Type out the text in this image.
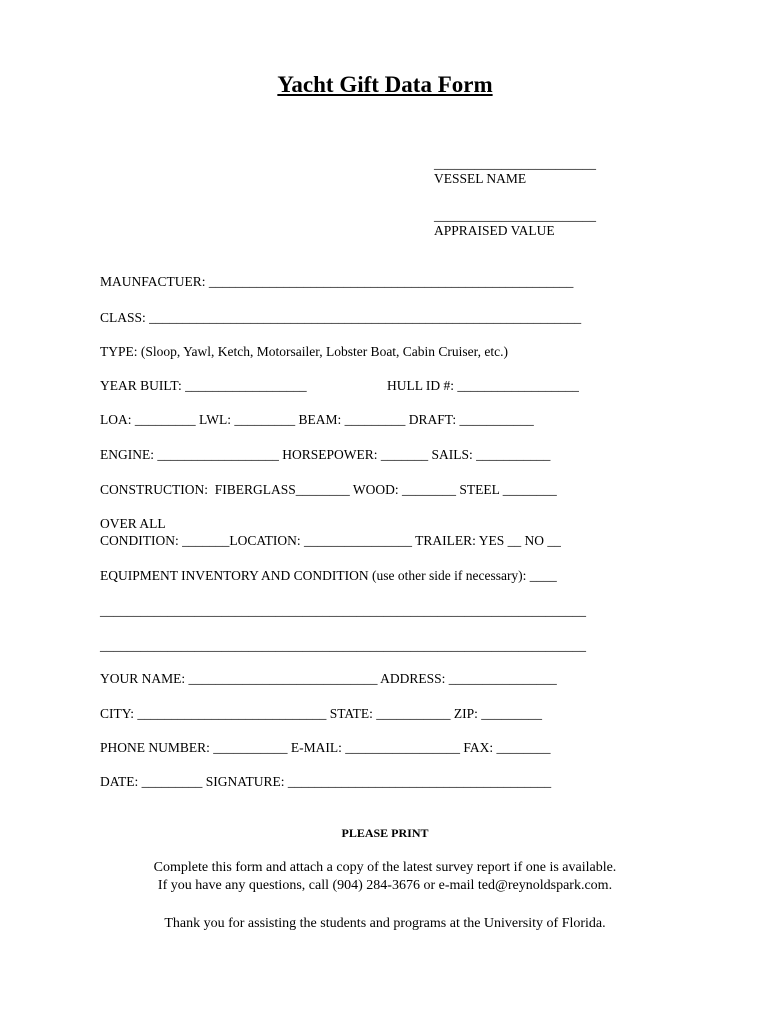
Yacht Gift Data Form
________________________
VESSEL NAME
________________________
APPRAISED VALUE
MAUNFACTUER: ______________________________________________________
CLASS: ________________________________________________________________
TYPE: (Sloop, Yawl, Ketch, Motorsailer, Lobster Boat, Cabin Cruiser, etc.)
YEAR BUILT: __________________	HULL ID #: __________________
LOA: _________ LWL: _________ BEAM: _________ DRAFT: ___________
ENGINE: __________________ HORSEPOWER: _______ SAILS: ___________
CONSTRUCTION:  FIBERGLASS________ WOOD: ________ STEEL ________
OVER ALL
CONDITION: _______LOCATION: ________________ TRAILER: YES __ NO __
EQUIPMENT INVENTORY AND CONDITION (use other side if necessary): ____
________________________________________________________________________
________________________________________________________________________
YOUR NAME: ____________________________ ADDRESS: ________________
CITY: ____________________________ STATE: ___________ ZIP: _________
PHONE NUMBER: ___________ E-MAIL: _________________ FAX: ________
DATE: _________ SIGNATURE: _______________________________________
PLEASE PRINT
Complete this form and attach a copy of the latest survey report if one is available.
If you have any questions, call (904) 284-3676 or e-mail ted@reynoldspark.com.
Thank you for assisting the students and programs at the University of Florida.
